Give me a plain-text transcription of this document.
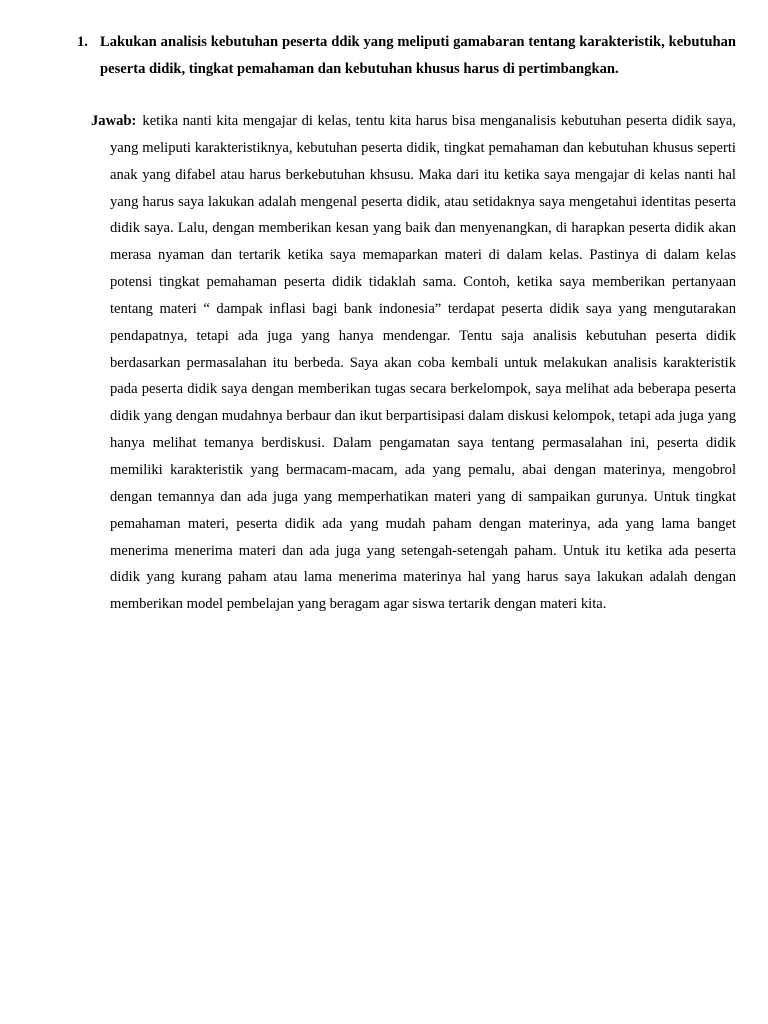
1. Lakukan analisis kebutuhan peserta ddik yang meliputi gamabaran tentang karakteristik, kebutuhan peserta didik, tingkat pemahaman dan kebutuhan khusus harus di pertimbangkan.

Jawab: ketika nanti kita mengajar di kelas, tentu kita harus bisa menganalisis kebutuhan peserta didik saya, yang meliputi karakteristiknya, kebutuhan peserta didik, tingkat pemahaman dan kebutuhan khusus seperti anak yang difabel atau harus berkebutuhan khsusu. Maka dari itu ketika saya mengajar di kelas nanti hal yang harus saya lakukan adalah mengenal peserta didik, atau setidaknya saya mengetahui identitas peserta didik saya. Lalu, dengan memberikan kesan yang baik dan menyenangkan, di harapkan peserta didik akan merasa nyaman dan tertarik ketika saya memaparkan materi di dalam kelas. Pastinya di dalam kelas potensi tingkat pemahaman peserta didik tidaklah sama. Contoh, ketika saya memberikan pertanyaan tentang materi “ dampak inflasi bagi bank indonesia” terdapat peserta didik saya yang mengutarakan pendapatnya, tetapi ada juga yang hanya mendengar. Tentu saja analisis kebutuhan peserta didik berdasarkan permasalahan itu berbeda. Saya akan coba kembali untuk melakukan analisis karakteristik pada peserta didik saya dengan memberikan tugas secara berkelompok, saya melihat ada beberapa peserta didik yang dengan mudahnya berbaur dan ikut berpartisipasi dalam diskusi kelompok, tetapi ada juga yang hanya melihat temanya berdiskusi. Dalam pengamatan saya tentang permasalahan ini, peserta didik memiliki karakteristik yang bermacam-macam, ada yang pemalu, abai dengan materinya, mengobrol dengan temannya dan ada juga yang memperhatikan materi yang di sampaikan gurunya. Untuk tingkat pemahaman materi, peserta didik ada yang mudah paham dengan materinya, ada yang lama banget menerima menerima materi dan ada juga yang setengah-setengah paham. Untuk itu ketika ada peserta didik yang kurang paham atau lama menerima materinya hal yang harus saya lakukan adalah dengan memberikan model pembelajan yang beragam agar siswa tertarik dengan materi kita.
